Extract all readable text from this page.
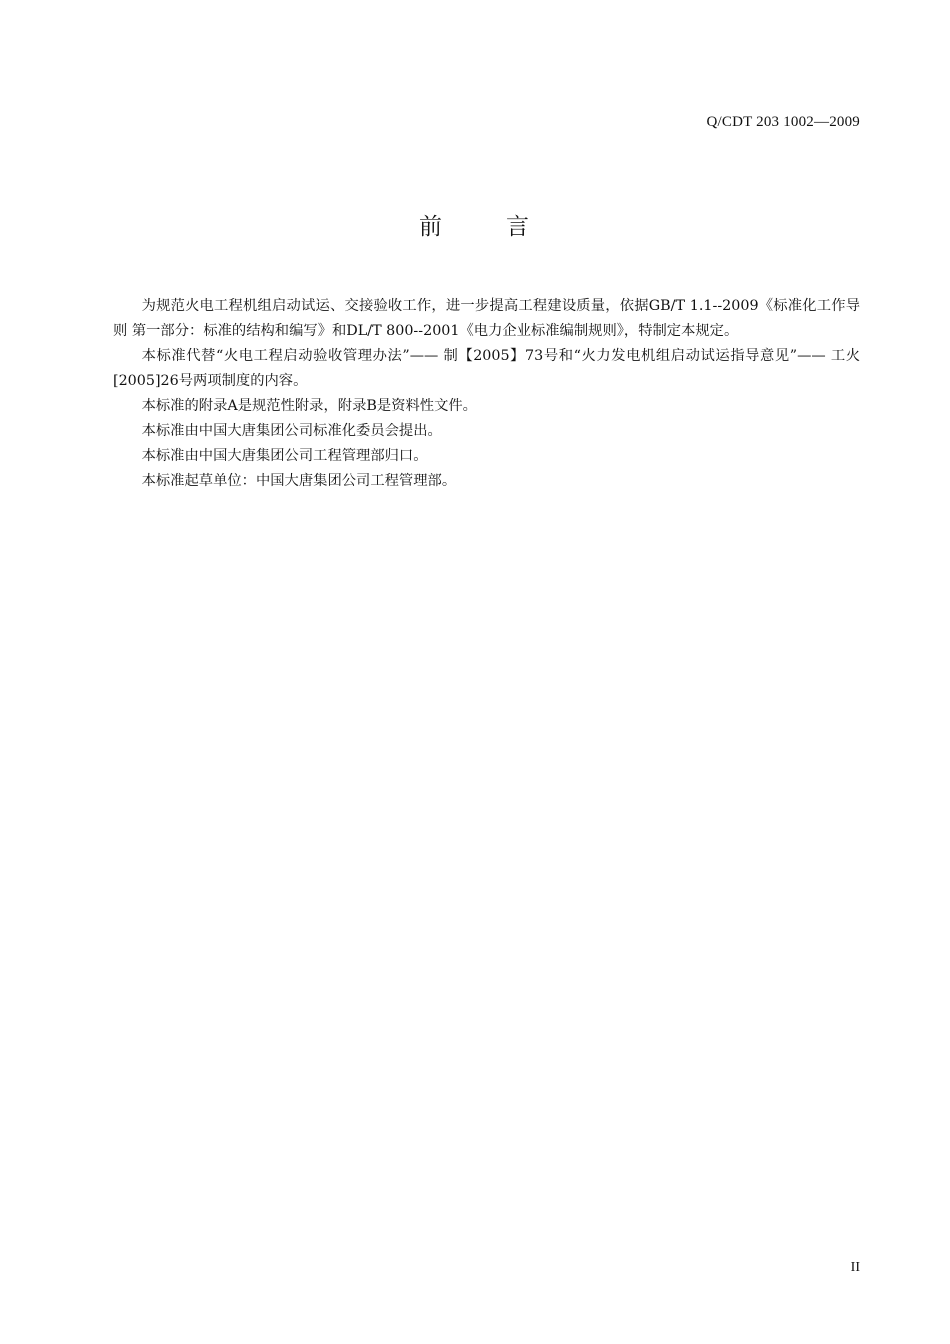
Q/CDT 203 1002—2009
前	言

为规范火电工程机组启动试运、交接验收工作，进一步提高工程建设质量，依据GB/T 1.1--2009《标准化工作导则 第一部分：标准的结构和编写》和DL/T 800--2001《电力企业标准编制规则》，特制定本规定。

本标准代替“火电工程启动验收管理办法”—— 制【2005】73号和“火力发电机组启动试运指导意见”—— 工火[2005]26号两项制度的内容。

本标准的附录A是规范性附录，附录B是资料性文件。

本标准由中国大唐集团公司标准化委员会提出。

本标准由中国大唐集团公司工程管理部归口。

本标准起草单位：中国大唐集团公司工程管理部。

II
